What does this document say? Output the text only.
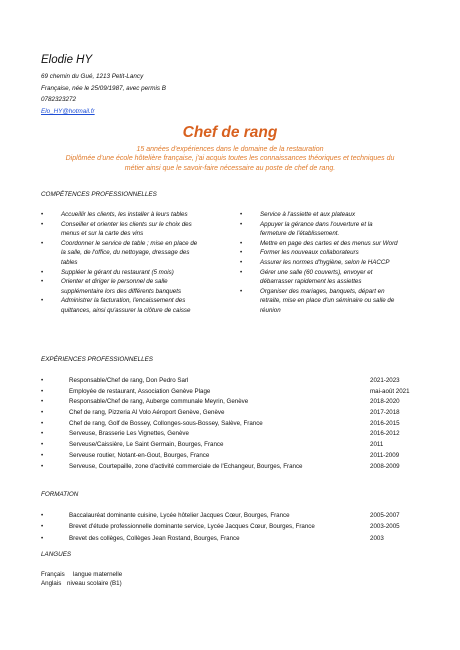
Elodie HY
69 chemin du Gué, 1213 Petit-Lancy
Française, née le 25/09/1987, avec permis B
0782323272
Elo_HY@hotmail.fr
Chef de rang
15 années d'expériences dans le domaine de la restauration
Diplômée d'une école hôtelière française, j'ai acquis toutes les connaissances théoriques et techniques du
métier ainsi que le savoir-faire nécessaire au poste de chef de rang.
COMPÉTENCES PROFESSIONNELLES
•	Accueillir les clients, les installer à leurs tables
•	Conseiller et orienter les clients sur le choix des
menus et sur la carte des vins
•	Coordonner le service de table ; mise en place de
la salle, de l'office, du nettoyage, dressage des
tables
•	Suppléer le gérant du restaurant (5 mois)
•	Orienter et diriger le personnel de salle
supplémentaire lors des différents banquets
•	Administrer la facturation, l'encaissement des
quittances, ainsi qu'assurer la clôture de caisse
•	Service à l'assiette et aux plateaux
•	Appuyer la gérance dans l'ouverture et la
fermeture de l'établissement.
•	Mettre en page des cartes et des menus sur Word
•	Former les nouveaux collaborateurs
•	Assurer les normes d'hygiène, selon le HACCP
•	Gérer une salle (60 couverts), envoyer et
débarrasser rapidement les assiettes
•	Organiser des mariages, banquets, départ en
retraite, mise en place d'un séminaire ou salle de
réunion
EXPÉRIENCES PROFESSIONNELLES
•	Responsable/Chef de rang, Don Pedro Sarl	2021-2023
•	Employée de restaurant, Association Genève Plage	mai-août 2021
•	Responsable/Chef de rang, Auberge communale Meyrin, Genève	2018-2020
•	Chef de rang, Pizzeria Al Volo Aéroport Genève, Genève	2017-2018
•	Chef de rang, Golf de Bossey, Collonges-sous-Bossey, Salève, France	2016-2015
•	Serveuse, Brasserie Les Vignettes, Genève	2016-2012
•	Serveuse/Caissière, Le Saint Germain, Bourges, France	2011
•	Serveuse routier, Notant-en-Gout, Bourges, France	2011-2009
•	Serveuse, Courtepaille, zone d'activité commerciale de l'Echangeur, Bourges, France	2008-2009
FORMATION
•	Baccalauréat dominante cuisine, Lycée hôtelier Jacques Cœur, Bourges, France	2005-2007
•	Brevet d'étude professionnelle dominante service, Lycée Jacques Cœur, Bourges, France	2003-2005
•	Brevet des collèges, Collèges Jean Rostand, Bourges, France	2003
LANGUES
Français langue maternelle
Anglais niveau scolaire (B1)
